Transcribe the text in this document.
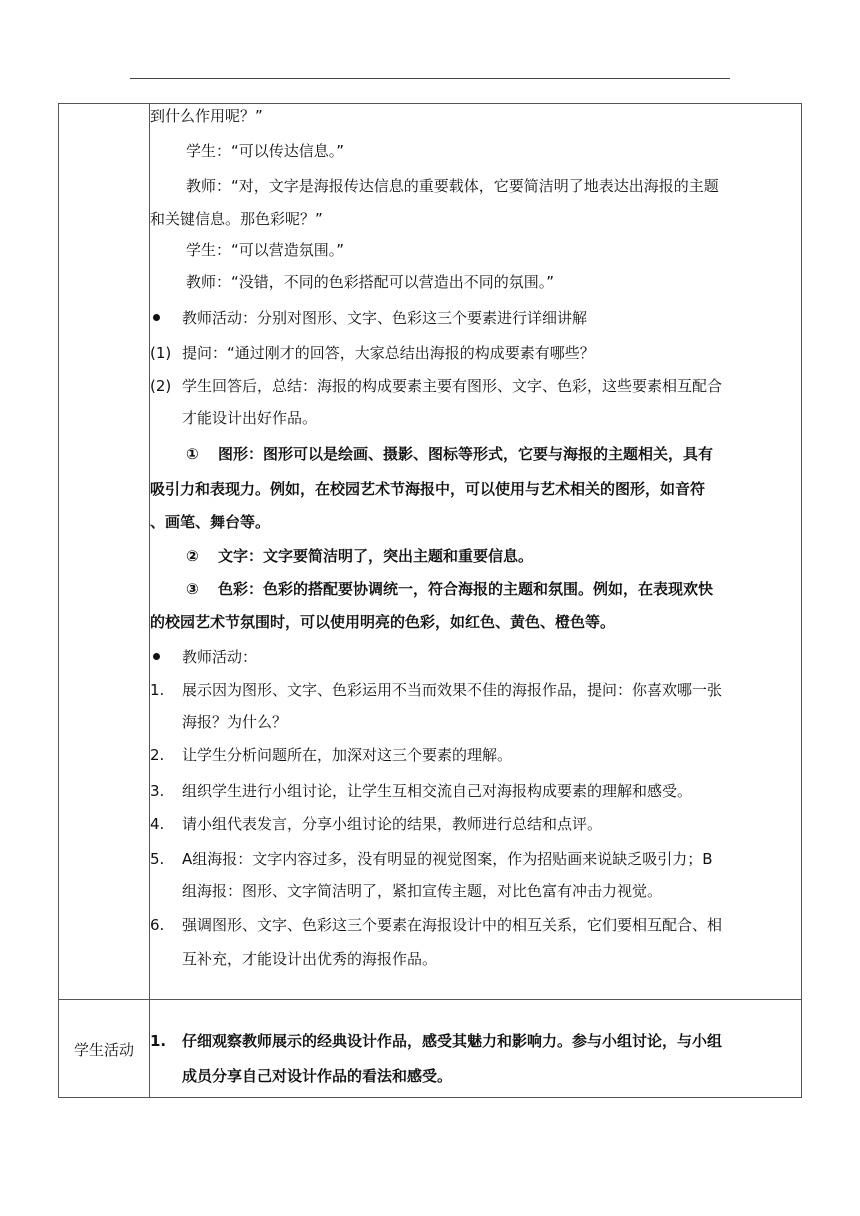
学生活动
到什么作用呢？”
学生：“可以传达信息。”
教师：“对，文字是海报传达信息的重要载体，它要简洁明了地表达出海报的主题
和关键信息。那色彩呢？”
学生：“可以营造氛围。”
教师：“没错，不同的色彩搭配可以营造出不同的氛围。”
教师活动：分别对图形、文字、色彩这三个要素进行详细讲解
(1) 提问：“通过刚才的回答，大家总结出海报的构成要素有哪些？
(2) 学生回答后，总结：海报的构成要素主要有图形、文字、色彩，这些要素相互配合
才能设计出好作品。
① 图形：图形可以是绘画、摄影、图标等形式，它要与海报的主题相关，具有
吸引力和表现力。例如，在校园艺术节海报中，可以使用与艺术相关的图形，如音符
、画笔、舞台等。
② 文字：文字要简洁明了，突出主题和重要信息。
③ 色彩：色彩的搭配要协调统一，符合海报的主题和氛围。例如，在表现欢快
的校园艺术节氛围时，可以使用明亮的色彩，如红色、黄色、橙色等。
教师活动：
1. 展示因为图形、文字、色彩运用不当而效果不佳的海报作品，提问：你喜欢哪一张
海报？为什么？
2. 让学生分析问题所在，加深对这三个要素的理解。
3. 组织学生进行小组讨论，让学生互相交流自己对海报构成要素的理解和感受。
4. 请小组代表发言，分享小组讨论的结果，教师进行总结和点评。
5. A组海报：文字内容过多，没有明显的视觉图案，作为招贴画来说缺乏吸引力；B
组海报：图形、文字简洁明了，紧扣宣传主题，对比色富有冲击力视觉。
6. 强调图形、文字、色彩这三个要素在海报设计中的相互关系，它们要相互配合、相
互补充，才能设计出优秀的海报作品。
1. 仔细观察教师展示的经典设计作品，感受其魅力和影响力。参与小组讨论，与小组
成员分享自己对设计作品的看法和感受。
